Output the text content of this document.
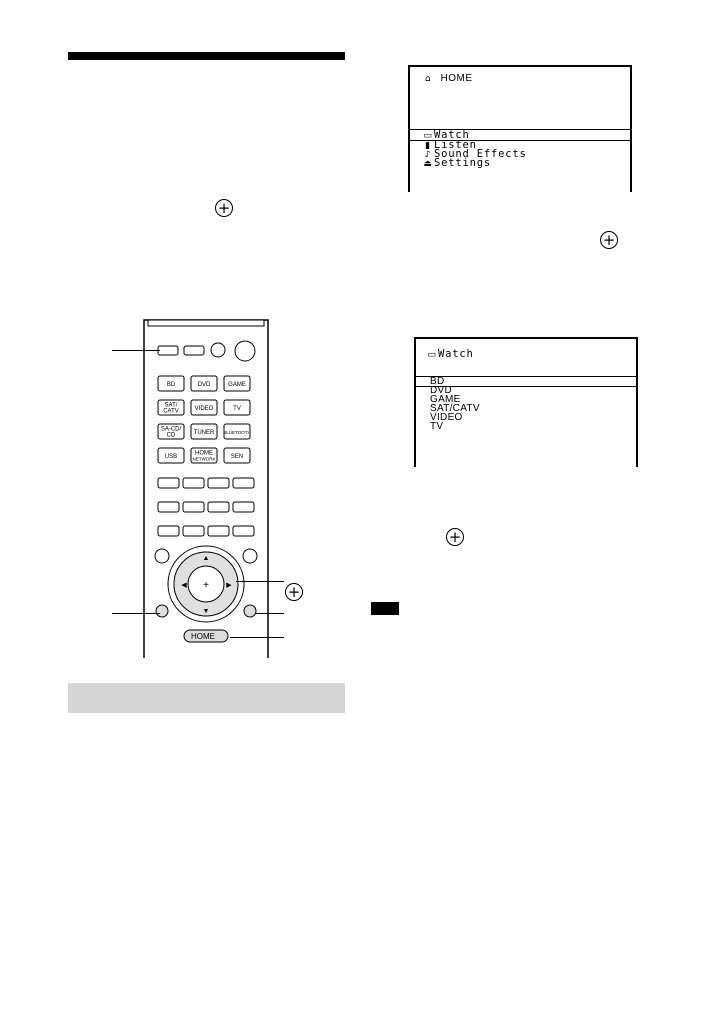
+
⌂ HOME
▭Watch
▮ Listen
♪ Sound Effects
⏏Settings
+
▭Watch
BD
DVD
GAME
SAT/CATV
VIDEO
TV
+
BD	DVD	GAME
SAT/
CATV	VIDEO	TV
SA-CD/
CD	TUNER BLUETOOTH
USB
HOME
NETWORK	SEN
+
▲
▼
◀	▶
HOME
+
